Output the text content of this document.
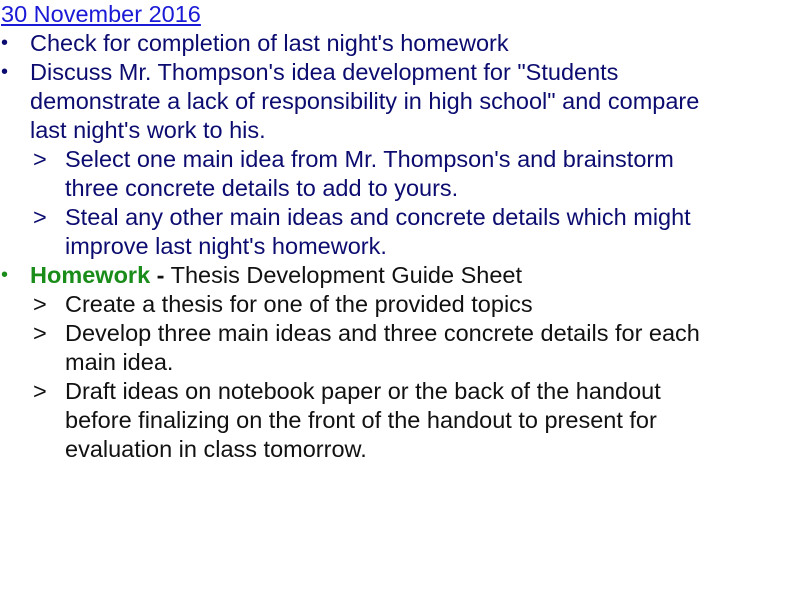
30 November 2016
• Check for completion of last night's homework
• Discuss Mr. Thompson's idea development for "Students
demonstrate a lack of responsibility in high school" and compare
last night's work to his.
> Select one main idea from Mr. Thompson's and brainstorm
three concrete details to add to yours.
> Steal any other main ideas and concrete details which might
improve last night's homework.
• Homework - Thesis Development Guide Sheet
> Create a thesis for one of the provided topics
> Develop three main ideas and three concrete details for each
main idea.
> Draft ideas on notebook paper or the back of the handout
before finalizing on the front of the handout to present for
evaluation in class tomorrow.
